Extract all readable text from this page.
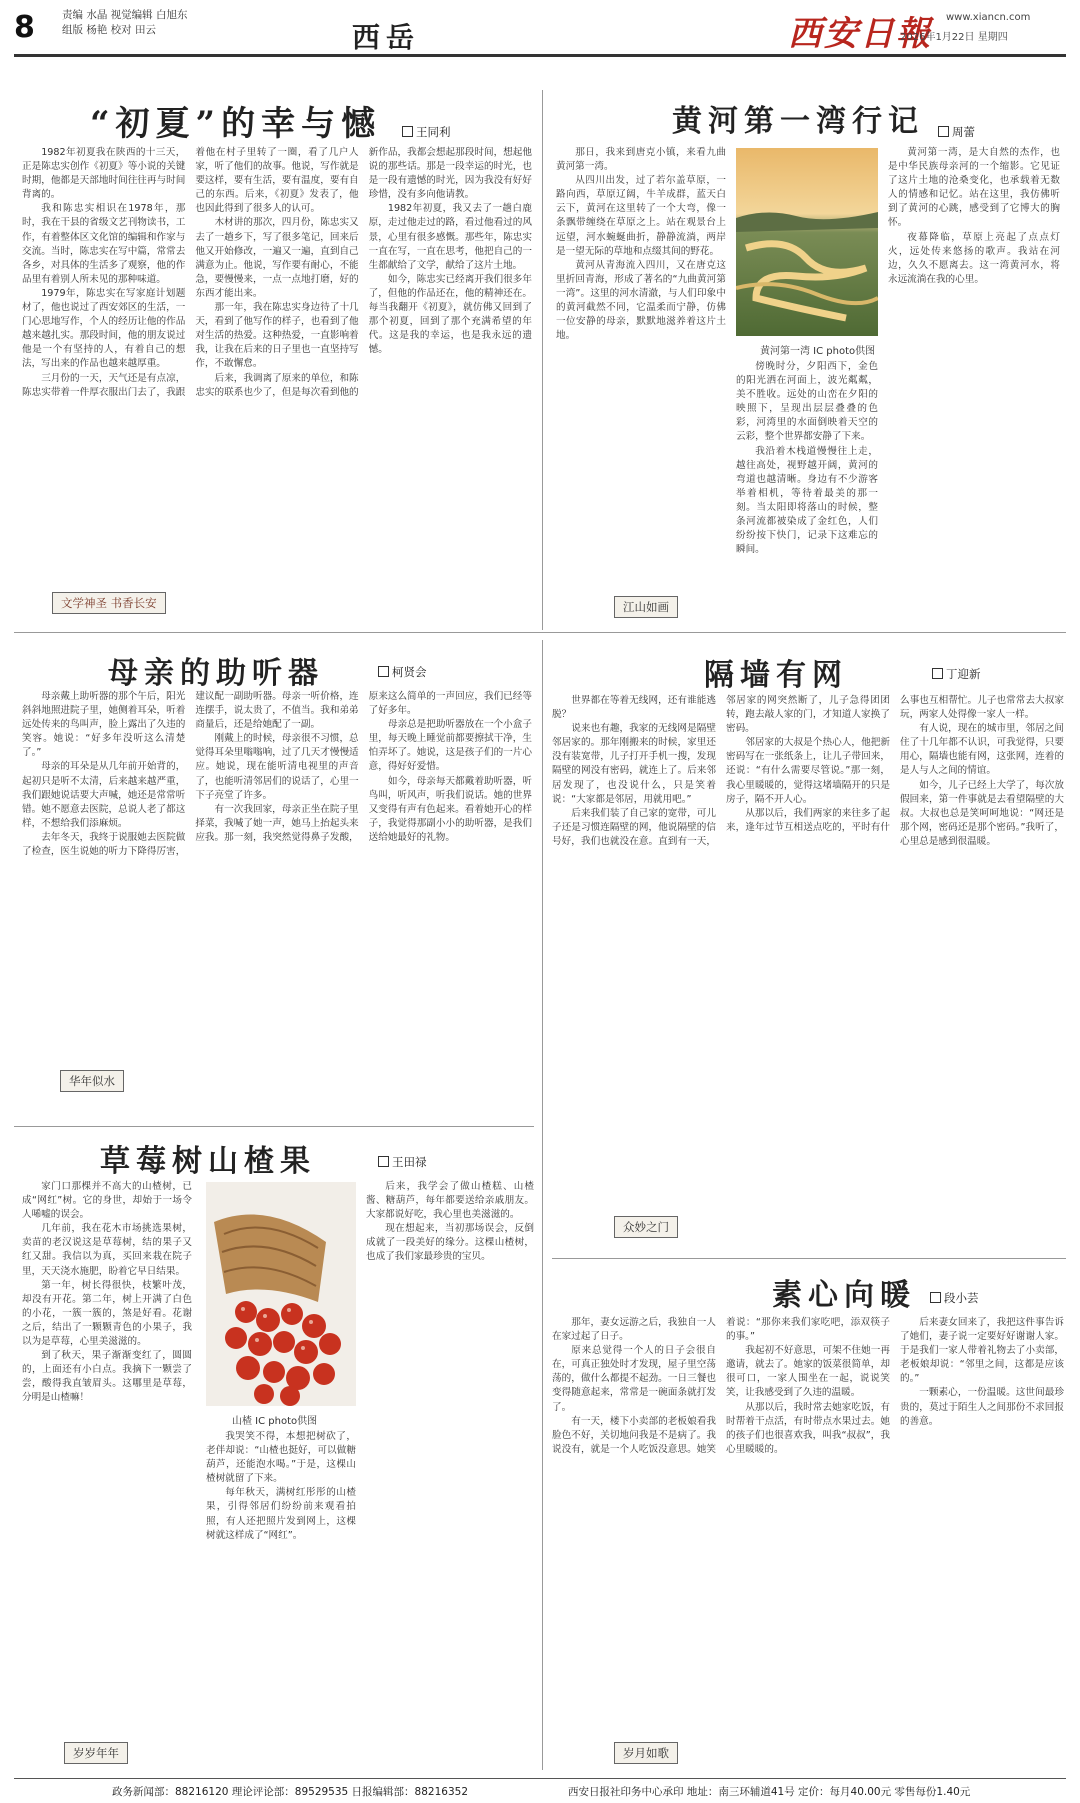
8	责编 水晶 视觉编辑 白旭东
组版 杨艳 校对 田云	西岳	西安日報 www.xiancn.com
2026年1月22日 星期四
“初夏”的幸与憾	王同利

1982年初夏我在陕西的十三天，正是陈忠实创作《初夏》等小说的关键时期，他都是天部地时间往往再与时间背离的。

我和陈忠实相识在1978年，那时，我在干县的省级文艺刊物读书，工作，有着整体区文化馆的编辑和作家与交流。当时，陈忠实在写中篇，常常去各乡，对具体的生活多了观察，他的作品里有着别人所未见的那种味道。

1979年，陈忠实在写家庭计划题材了，他也说过了西安郊区的生活，一门心思地写作，个人的经历让他的作品越来越扎实。那段时间，他的朋友说过他是一个有坚持的人，有着自己的想法，写出来的作品也越来越厚重。

三月份的一天，天气还是有点凉，陈忠实带着一件厚衣服出门去了，我跟着他在村子里转了一圈，看了几户人家，听了他们的故事。他说，写作就是要这样，要有生活，要有温度，要有自己的东西。后来，《初夏》发表了，他也因此得到了很多人的认可。

木材讲的那次，四月份，陈忠实又去了一趟乡下，写了很多笔记，回来后他又开始修改，一遍又一遍，直到自己满意为止。他说，写作要有耐心，不能急，要慢慢来，一点一点地打磨，好的东西才能出来。

那一年，我在陈忠实身边待了十几天，看到了他写作的样子，也看到了他对生活的热爱。这种热爱，一直影响着我，让我在后来的日子里也一直坚持写作，不敢懈怠。

后来，我调离了原来的单位，和陈忠实的联系也少了，但是每次看到他的新作品，我都会想起那段时间，想起他说的那些话。那是一段幸运的时光，也是一段有遗憾的时光，因为我没有好好珍惜，没有多向他请教。

1982年初夏，我又去了一趟白鹿原，走过他走过的路，看过他看过的风景，心里有很多感慨。那些年，陈忠实一直在写，一直在思考，他把自己的一生都献给了文学，献给了这片土地。

如今，陈忠实已经离开我们很多年了，但他的作品还在，他的精神还在。每当我翻开《初夏》，就仿佛又回到了那个初夏，回到了那个充满希望的年代。这是我的幸运，也是我永远的遗憾。

文学神圣 书香长安
黄河第一湾行记	周蕾

那日，我来到唐克小镇，来看九曲黄河第一湾。

从四川出发，过了若尔盖草原，一路向西，草原辽阔，牛羊成群，蓝天白云下，黄河在这里转了一个大弯，像一条飘带缠绕在草原之上。站在观景台上远望，河水蜿蜒曲折，静静流淌，两岸是一望无际的草地和点缀其间的野花。

黄河从青海流入四川，又在唐克这里折回青海，形成了著名的“九曲黄河第一湾”。这里的河水清澈，与人们印象中的黄河截然不同，它温柔而宁静，仿佛一位安静的母亲，默默地滋养着这片土地。

黄河第一湾 IC photo供图

傍晚时分，夕阳西下，金色的阳光洒在河面上，波光粼粼，美不胜收。远处的山峦在夕阳的映照下，呈现出层层叠叠的色彩，河湾里的水面倒映着天空的云彩，整个世界都安静了下来。

我沿着木栈道慢慢往上走，越往高处，视野越开阔，黄河的弯道也越清晰。身边有不少游客举着相机，等待着最美的那一刻。当太阳即将落山的时候，整条河流都被染成了金红色，人们纷纷按下快门，记录下这难忘的瞬间。

黄河第一湾，是大自然的杰作，也是中华民族母亲河的一个缩影。它见证了这片土地的沧桑变化，也承载着无数人的情感和记忆。站在这里，我仿佛听到了黄河的心跳，感受到了它博大的胸怀。

夜幕降临，草原上亮起了点点灯火，远处传来悠扬的歌声。我站在河边，久久不愿离去。这一湾黄河水，将永远流淌在我的心里。

江山如画
母亲的助听器	柯贤会

母亲戴上助听器的那个午后，阳光斜斜地照进院子里，她侧着耳朵，听着远处传来的鸟叫声，脸上露出了久违的笑容。她说：“好多年没听这么清楚了。”

母亲的耳朵是从几年前开始背的，起初只是听不太清，后来越来越严重，我们跟她说话要大声喊，她还是常常听错。她不愿意去医院，总说人老了都这样，不想给我们添麻烦。

去年冬天，我终于说服她去医院做了检查，医生说她的听力下降得厉害，建议配一副助听器。母亲一听价格，连连摆手，说太贵了，不值当。我和弟弟商量后，还是给她配了一副。

刚戴上的时候，母亲很不习惯，总觉得耳朵里嗡嗡响，过了几天才慢慢适应。她说，现在能听清电视里的声音了，也能听清邻居们的说话了，心里一下子亮堂了许多。

有一次我回家，母亲正坐在院子里择菜，我喊了她一声，她马上抬起头来应我。那一刻，我突然觉得鼻子发酸，原来这么简单的一声回应，我们已经等了好多年。

母亲总是把助听器放在一个小盒子里，每天晚上睡觉前都要擦拭干净，生怕弄坏了。她说，这是孩子们的一片心意，得好好爱惜。

如今，母亲每天都戴着助听器，听鸟叫，听风声，听我们说话。她的世界又变得有声有色起来。看着她开心的样子，我觉得那副小小的助听器，是我们送给她最好的礼物。

华年似水
隔墙有网	丁迎新

世界都在等着无线网，还有谁能逃脱？

说来也有趣，我家的无线网是隔壁邻居家的。那年刚搬来的时候，家里还没有装宽带，儿子打开手机一搜，发现隔壁的网没有密码，就连上了。后来邻居发现了，也没说什么，只是笑着说：“大家都是邻居，用就用吧。”

后来我们装了自己家的宽带，可儿子还是习惯连隔壁的网，他说隔壁的信号好，我们也就没在意。直到有一天，邻居家的网突然断了，儿子急得团团转，跑去敲人家的门，才知道人家换了密码。

邻居家的大叔是个热心人，他把新密码写在一张纸条上，让儿子带回来，还说：“有什么需要尽管说。”那一刻，我心里暖暖的，觉得这堵墙隔开的只是房子，隔不开人心。

从那以后，我们两家的来往多了起来，逢年过节互相送点吃的，平时有什么事也互相帮忙。儿子也常常去大叔家玩，两家人处得像一家人一样。

有人说，现在的城市里，邻居之间住了十几年都不认识，可我觉得，只要用心，隔墙也能有网，这张网，连着的是人与人之间的情谊。

如今，儿子已经上大学了，每次放假回来，第一件事就是去看望隔壁的大叔。大叔也总是笑呵呵地说：“网还是那个网，密码还是那个密码。”我听了，心里总是感到很温暖。

众妙之门
草莓树山楂果	王田禄

家门口那棵并不高大的山楂树，已成“网红”树。它的身世，却始于一场令人唏嘘的误会。

几年前，我在花木市场挑选果树，卖苗的老汉说这是草莓树，结的果子又红又甜。我信以为真，买回来栽在院子里，天天浇水施肥，盼着它早日结果。

第一年，树长得很快，枝繁叶茂，却没有开花。第二年，树上开满了白色的小花，一簇一簇的，煞是好看。花谢之后，结出了一颗颗青色的小果子，我以为是草莓，心里美滋滋的。

到了秋天，果子渐渐变红了，圆圆的，上面还有小白点。我摘下一颗尝了尝，酸得我直皱眉头。这哪里是草莓，分明是山楂嘛！

山楂 IC photo供图

我哭笑不得，本想把树砍了，老伴却说：“山楂也挺好，可以做糖葫芦，还能泡水喝。”于是，这棵山楂树就留了下来。

每年秋天，满树红彤彤的山楂果，引得邻居们纷纷前来观看拍照，有人还把照片发到网上，这棵树就这样成了“网红”。

后来，我学会了做山楂糕、山楂酱、糖葫芦，每年都要送给亲戚朋友。大家都说好吃，我心里也美滋滋的。

现在想起来，当初那场误会，反倒成就了一段美好的缘分。这棵山楂树，也成了我们家最珍贵的宝贝。

岁岁年年
素心向暖	段小芸

那年，妻女远游之后，我独自一人在家过起了日子。

原来总觉得一个人的日子会很自在，可真正独处时才发现，屋子里空荡荡的，做什么都提不起劲。一日三餐也变得随意起来，常常是一碗面条就打发了。

有一天，楼下小卖部的老板娘看我脸色不好，关切地问我是不是病了。我说没有，就是一个人吃饭没意思。她笑着说：“那你来我们家吃吧，添双筷子的事。”

我起初不好意思，可架不住她一再邀请，就去了。她家的饭菜很简单，却很可口，一家人围坐在一起，说说笑笑，让我感受到了久违的温暖。

从那以后，我时常去她家吃饭，有时帮着干点活，有时带点水果过去。她的孩子们也很喜欢我，叫我“叔叔”，我心里暖暖的。

后来妻女回来了，我把这件事告诉了她们，妻子说一定要好好谢谢人家。于是我们一家人带着礼物去了小卖部，老板娘却说：“邻里之间，这都是应该的。”

一颗素心，一份温暖。这世间最珍贵的，莫过于陌生人之间那份不求回报的善意。

岁月如歌
政务新闻部：88216120 理论评论部：89529535 日报编辑部：88216352	西安日报社印务中心承印 地址：南三环辅道41号 定价：每月40.00元 零售每份1.40元
